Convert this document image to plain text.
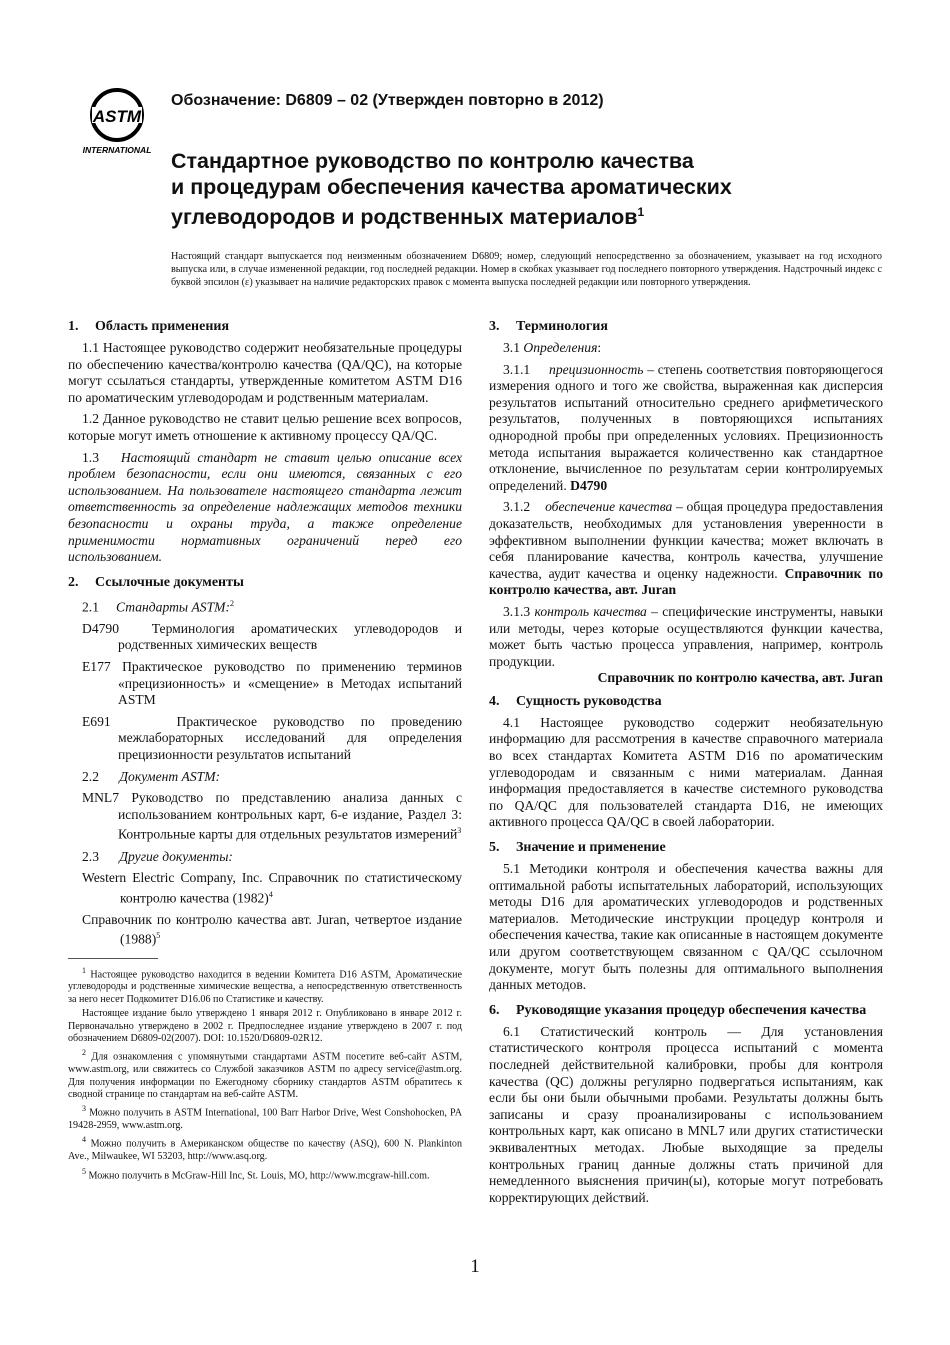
ASTM
INTERNATIONAL
Обозначение: D6809 – 02 (Утвержден повторно в 2012)
Стандартное руководство по контролю качества
и процедурам обеспечения качества ароматических
углеводородов и родственных материалов$^1$

Настоящий стандарт выпускается под неизменным обозначением D6809; номер, следующий непосредственно за обозначением, указывает на год исходного выпуска или, в случае измененной редакции, год последней редакции. Номер в скобках указывает год последнего повторного утверждения. Надстрочный индекс с буквой эпсилон (ε) указывает на наличие редакторских правок с момента выпуска последней редакции или повторного утверждения.

1. Область применения

1.1 Настоящее руководство содержит необязательные процедуры по обеспечению качества/контролю качества (QA/QC), на которые могут ссылаться стандарты, утвержденные комитетом ASTM D16 по ароматическим углеводородам и родственным материалам.

1.2 Данное руководство не ставит целью решение всех вопросов, которые могут иметь отношение к активному процессу QA/QC.

1.3 Настоящий стандарт не ставит целью описание всех проблем безопасности, если они имеются, связанных с его использованием. На пользователе настоящего стандарта лежит ответственность за определение надлежащих методов техники безопасности и охраны труда, а также определение применимости нормативных ограничений перед его использованием.

2. Ссылочные документы

2.1 Стандарты ASTM:$^2$

D4790 Терминология ароматических углеводородов и родственных химических веществ

E177 Практическое руководство по применению терминов «прецизионность» и «смещение» в Методах испытаний ASTM

E691	Практическое руководство по проведению межлабораторных исследований для определения прецизионности результатов испытаний

2.2 Документ ASTM:

MNL7 Руководство по представлению анализа данных с использованием контрольных карт, 6-е издание, Раздел 3: Контрольные карты для отдельных результатов измерений$^3$

2.3 Другие документы:

Western Electric Company, Inc. Справочник по статистическому контролю качества $(1982)^4$

Справочник по контролю качества авт. Juran, четвертое издание $(1988)^5$

$^1$ Настоящее руководство находится в ведении Комитета D16 ASTM, Ароматические углеводороды и родственные химические вещества, а непосредственную ответственность за него несет Подкомитет D16.06 по Статистике и качеству.

Настоящее издание было утверждено 1 января 2012 г. Опубликовано в январе 2012 г. Первоначально утверждено в 2002 г. Предпоследнее издание утверждено в 2007 г. под обозначением D6809-02(2007). DOI: 10.1520/D6809-02R12.

$^2$ Для ознакомления с упомянутыми стандартами ASTM посетите веб-сайт ASTM, www.astm.org, или свяжитесь со Службой заказчиков ASTM по адресу service@astm.org. Для получения информации по Ежегодному сборнику стандартов ASTM обратитесь к сводной странице по стандартам на веб-сайте ASTM.

$^3$ Можно получить в ASTM International, 100 Barr Harbor Drive, West Conshohocken, PA 19428-2959, www.astm.org.

$^4$ Можно получить в Американском обществе по качеству (ASQ), 600 N. Plankinton Ave., Milwaukee, WI 53203, http://www.asq.org.

$^5$ Можно получить в McGraw-Hill Inc, St. Louis, MO, http://www.mcgraw-hill.com.

3. Терминология

3.1 Определения:

3.1.1 прецизионность – степень соответствия повторяющегося измерения одного и того же свойства, выраженная как дисперсия результатов испытаний относительно среднего арифметического результатов, полученных в повторяющихся испытаниях однородной пробы при определенных условиях. Прецизионность метода испытания выражается количественно как стандартное отклонение, вычисленное по результатам серии контролируемых определений. D4790

3.1.2 обеспечение качества – общая процедура предоставления доказательств, необходимых для установления уверенности в эффективном выполнении функции качества; может включать в себя планирование качества, контроль качества, улучшение качества, аудит качества и оценку надежности. Справочник по контролю качества, авт. Juran

3.1.3 контроль качества – специфические инструменты, навыки или методы, через которые осуществляются функции качества, может быть частью процесса управления, например, контроль продукции.

Справочник по контролю качества, авт. Juran

4. Сущность руководства

4.1 Настоящее руководство содержит необязательную информацию для рассмотрения в качестве справочного материала во всех стандартах Комитета ASTM D16 по ароматическим углеводородам и связанным с ними материалам. Данная информация предоставляется в качестве системного руководства по QA/QC для пользователей стандарта D16, не имеющих активного процесса QA/QC в своей лаборатории.

5. Значение и применение

5.1 Методики контроля и обеспечения качества важны для оптимальной работы испытательных лабораторий, использующих методы D16 для ароматических углеводородов и родственных материалов. Методические инструкции процедур контроля и обеспечения качества, такие как описанные в настоящем документе или другом соответствующем связанном с QA/QC ссылочном документе, могут быть полезны для оптимального выполнения данных методов.

6. Руководящие указания процедур обеспечения качества

6.1 Статистический контроль — Для установления статистического контроля процесса испытаний с момента последней действительной калибровки, пробы для контроля качества (QC) должны регулярно подвергаться испытаниям, как если бы они были обычными пробами. Результаты должны быть записаны и сразу проанализированы с использованием контрольных карт, как описано в MNL7 или других статистически эквивалентных методах. Любые выходящие за пределы контрольных границ данные должны стать причиной для немедленного выяснения причин(ы), которые могут потребовать корректирующих действий.

1
